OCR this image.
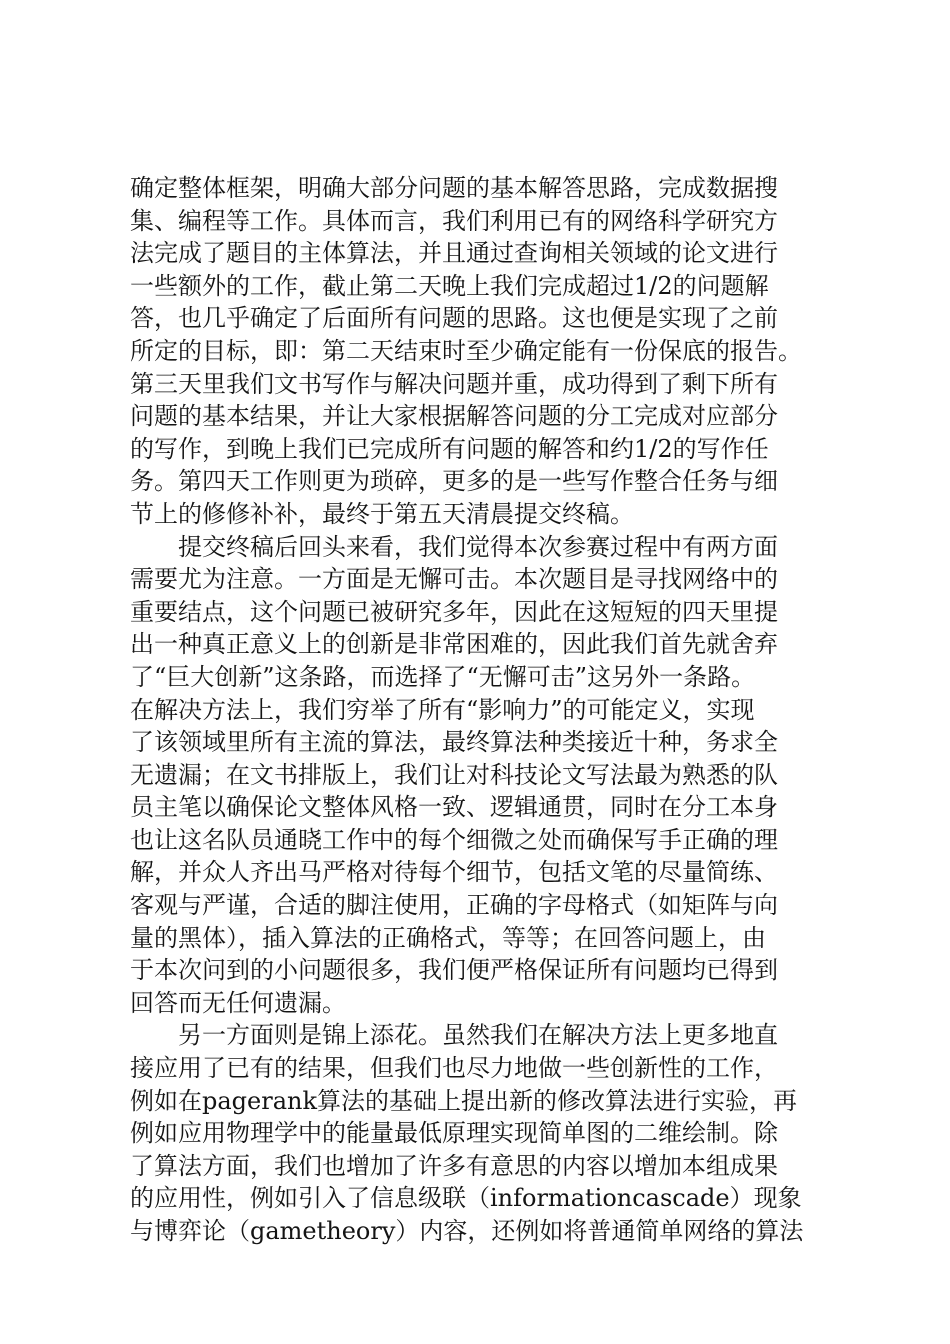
确定整体框架，明确大部分问题的基本解答思路，完成数据搜
集、编程等工作。具体而言，我们利用已有的网络科学研究方
法完成了题目的主体算法，并且通过查询相关领域的论文进行
一些额外的工作，截止第二天晚上我们完成超过1/2的问题解
答，也几乎确定了后面所有问题的思路。这也便是实现了之前
所定的目标，即：第二天结束时至少确定能有一份保底的报告。
第三天里我们文书写作与解决问题并重，成功得到了剩下所有
问题的基本结果，并让大家根据解答问题的分工完成对应部分
的写作，到晚上我们已完成所有问题的解答和约1/2的写作任
务。第四天工作则更为琐碎，更多的是一些写作整合任务与细
节上的修修补补，最终于第五天清晨提交终稿。
提交终稿后回头来看，我们觉得本次参赛过程中有两方面
需要尤为注意。一方面是无懈可击。本次题目是寻找网络中的
重要结点，这个问题已被研究多年，因此在这短短的四天里提
出一种真正意义上的创新是非常困难的，因此我们首先就舍弃
了“巨大创新”这条路，而选择了“无懈可击”这另外一条路。
在解决方法上，我们穷举了所有“影响力”的可能定义，实现
了该领域里所有主流的算法，最终算法种类接近十种，务求全
无遗漏；在文书排版上，我们让对科技论文写法最为熟悉的队
员主笔以确保论文整体风格一致、逻辑通贯，同时在分工本身
也让这名队员通晓工作中的每个细微之处而确保写手正确的理
解，并众人齐出马严格对待每个细节，包括文笔的尽量简练、
客观与严谨，合适的脚注使用，正确的字母格式（如矩阵与向
量的黑体），插入算法的正确格式，等等；在回答问题上，由
于本次问到的小问题很多，我们便严格保证所有问题均已得到
回答而无任何遗漏。
另一方面则是锦上添花。虽然我们在解决方法上更多地直
接应用了已有的结果，但我们也尽力地做一些创新性的工作，
例如在pagerank算法的基础上提出新的修改算法进行实验，再
例如应用物理学中的能量最低原理实现简单图的二维绘制。除
了算法方面，我们也增加了许多有意思的内容以增加本组成果
的应用性，例如引入了信息级联（informationcascade）现象
与博弈论（gametheory）内容，还例如将普通简单网络的算法
